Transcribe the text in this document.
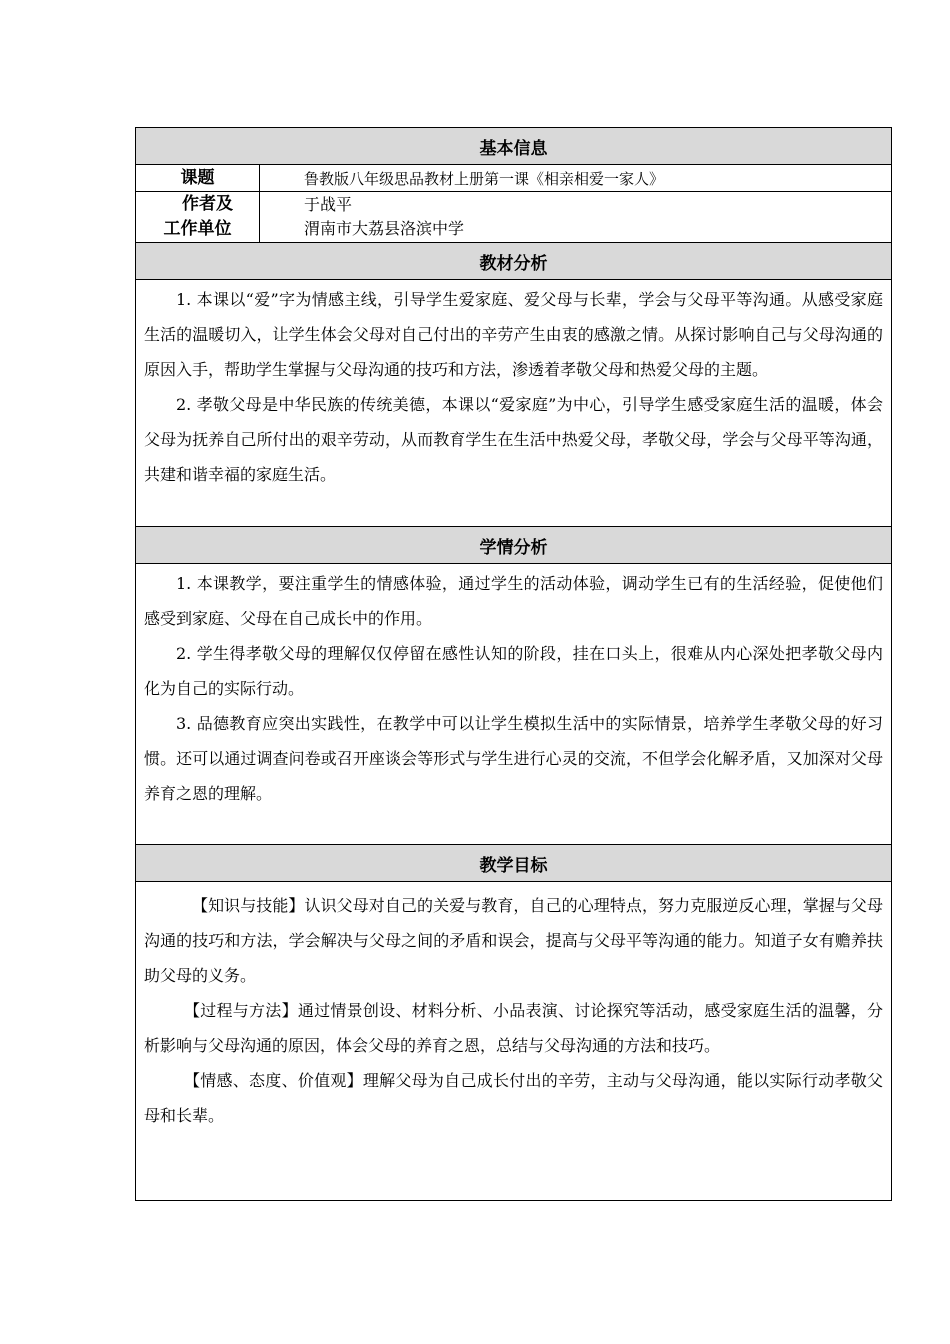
基本信息
课题	鲁教版八年级思品教材上册第一课《相亲相爱一家人》
作者及
工作单位
于战平
渭南市大荔县洛滨中学
教材分析

1. 本课以“爱”字为情感主线，引导学生爱家庭、爱父母与长辈，学会与父母平等沟通。从感受家庭生活的温暖切入，让学生体会父母对自己付出的辛劳产生由衷的感激之情。从探讨影响自己与父母沟通的原因入手，帮助学生掌握与父母沟通的技巧和方法，渗透着孝敬父母和热爱父母的主题。

2. 孝敬父母是中华民族的传统美德，本课以“爱家庭”为中心，引导学生感受家庭生活的温暖，体会父母为抚养自己所付出的艰辛劳动，从而教育学生在生活中热爱父母，孝敬父母，学会与父母平等沟通，共建和谐幸福的家庭生活。

学情分析

1. 本课教学，要注重学生的情感体验，通过学生的活动体验，调动学生已有的生活经验，促使他们感受到家庭、父母在自己成长中的作用。

2. 学生得孝敬父母的理解仅仅停留在感性认知的阶段，挂在口头上，很难从内心深处把孝敬父母内化为自己的实际行动。

3. 品德教育应突出实践性，在教学中可以让学生模拟生活中的实际情景，培养学生孝敬父母的好习惯。还可以通过调查问卷或召开座谈会等形式与学生进行心灵的交流，不但学会化解矛盾，又加深对父母养育之恩的理解。

教学目标

【知识与技能】认识父母对自己的关爱与教育，自己的心理特点，努力克服逆反心理，掌握与父母沟通的技巧和方法，学会解决与父母之间的矛盾和误会，提高与父母平等沟通的能力。知道子女有赡养扶助父母的义务。

【过程与方法】通过情景创设、材料分析、小品表演、讨论探究等活动，感受家庭生活的温馨，分析影响与父母沟通的原因，体会父母的养育之恩，总结与父母沟通的方法和技巧。

【情感、态度、价值观】理解父母为自己成长付出的辛劳，主动与父母沟通，能以实际行动孝敬父母和长辈。
